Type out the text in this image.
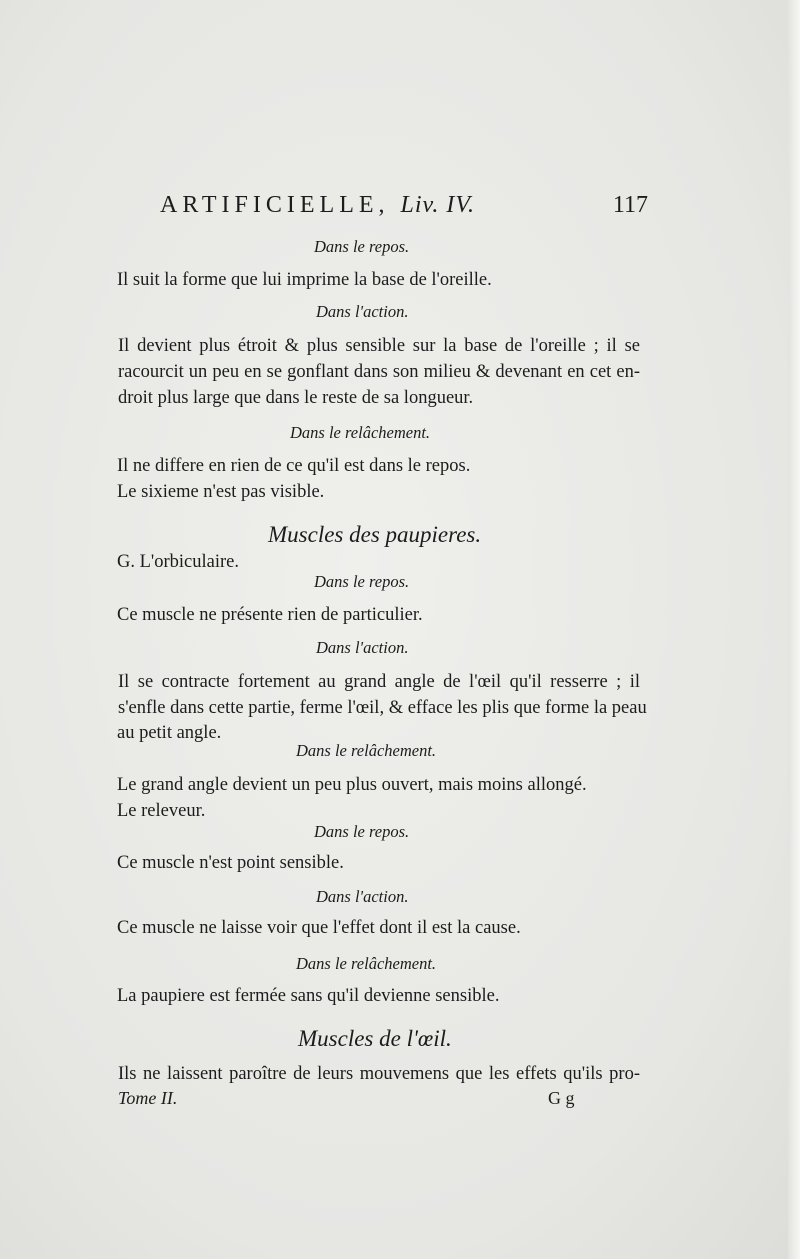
ARTIFICIELLE, Liv. IV.	117
Dans le repos.
Il suit la forme que lui imprime la base de l'oreille.
Dans l'action.
Il devient plus étroit & plus sensible sur la base de l'oreille ; il se
racourcit un peu en se gonflant dans son milieu & devenant en cet en-
droit plus large que dans le reste de sa longueur.
Dans le relâchement.
Il ne differe en rien de ce qu'il est dans le repos.
Le sixieme n'est pas visible.
Muscles des paupieres.
G. L'orbiculaire.
Dans le repos.
Ce muscle ne présente rien de particulier.
Dans l'action.
Il se contracte fortement au grand angle de l'œil qu'il resserre ; il
s'enfle dans cette partie, ferme l'œil, & efface les plis que forme la peau
au petit angle.
Dans le relâchement.
Le grand angle devient un peu plus ouvert, mais moins allongé.
Le releveur.
Dans le repos.
Ce muscle n'est point sensible.
Dans l'action.
Ce muscle ne laisse voir que l'effet dont il est la cause.
Dans le relâchement.
La paupiere est fermée sans qu'il devienne sensible.
Muscles de l'œil.
Ils ne laissent paroître de leurs mouvemens que les effets qu'ils pro-
Tome II.	G g
